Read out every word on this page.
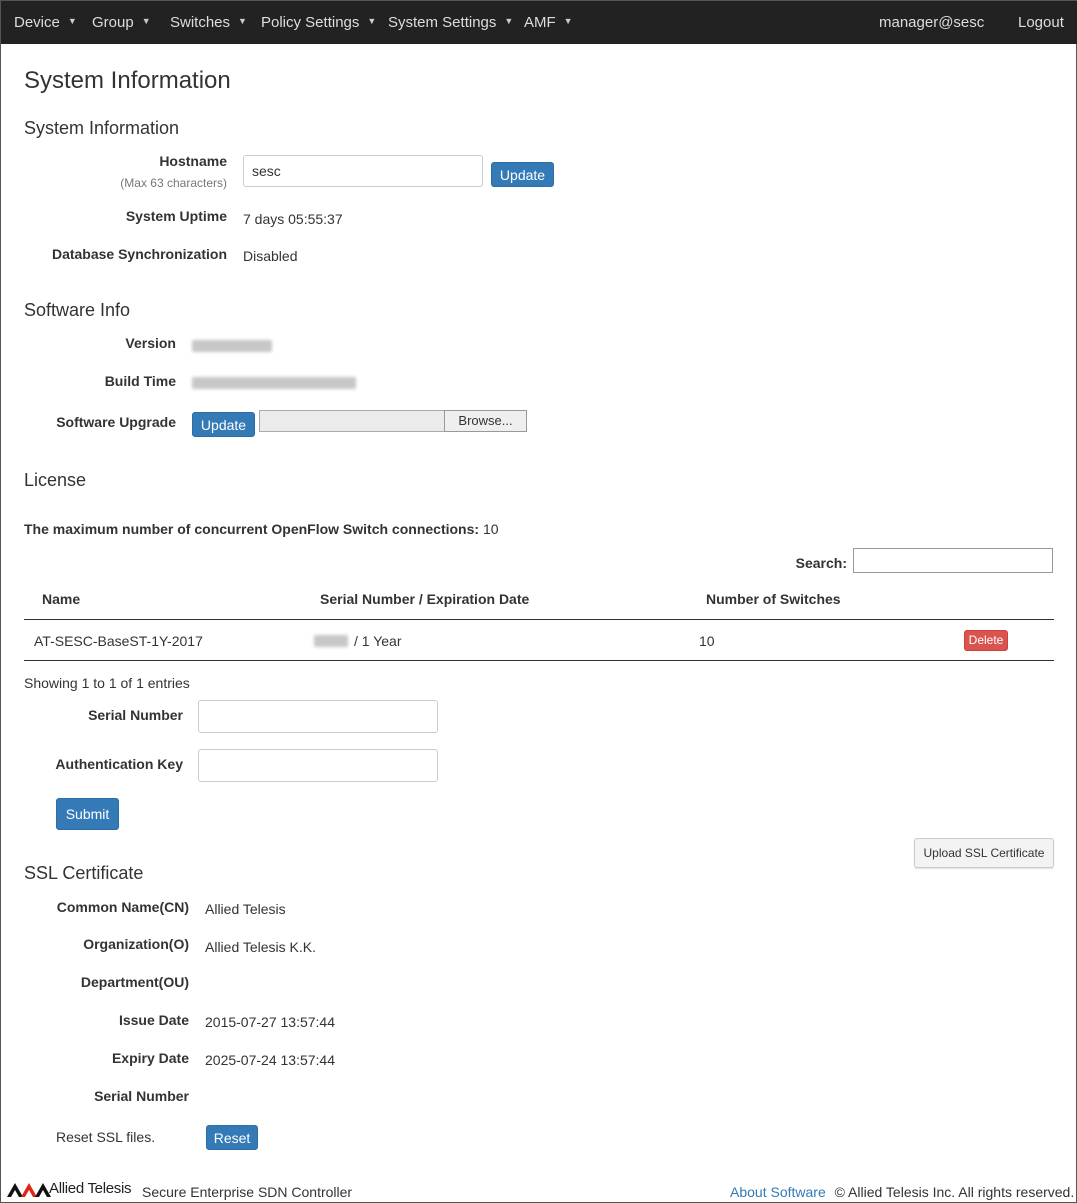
Device ▼ Group ▼ Switches ▼ Policy Settings ▼ System Settings ▼ AMF ▼	manager@sesc Logout
System Information
System Information
Hostname
(Max 63 characters)
sesc	Update
System Uptime 7 days 05:55:37
Database Synchronization Disabled
Software Info
Version
Build Time
Software Upgrade	Update	Browse...
License
The maximum number of concurrent OpenFlow Switch connections: 10
Search:
Name	Serial Number / Expiration Date	Number of Switches
AT-SESC-BaseST-1Y-2017	/ 1 Year	10	Delete
Showing 1 to 1 of 1 entries
Serial Number
Authentication Key
Submit
Upload SSL Certificate
SSL Certificate
Common Name(CN) Allied Telesis
Organization(O) Allied Telesis K.K.
Department(OU)
Issue Date 2015-07-27 13:57:44
Expiry Date 2025-07-24 13:57:44
Serial Number
Reset SSL files.	Reset
Allied Telesis Secure Enterprise SDN Controller	About Software © Allied Telesis Inc. All rights reserved.
